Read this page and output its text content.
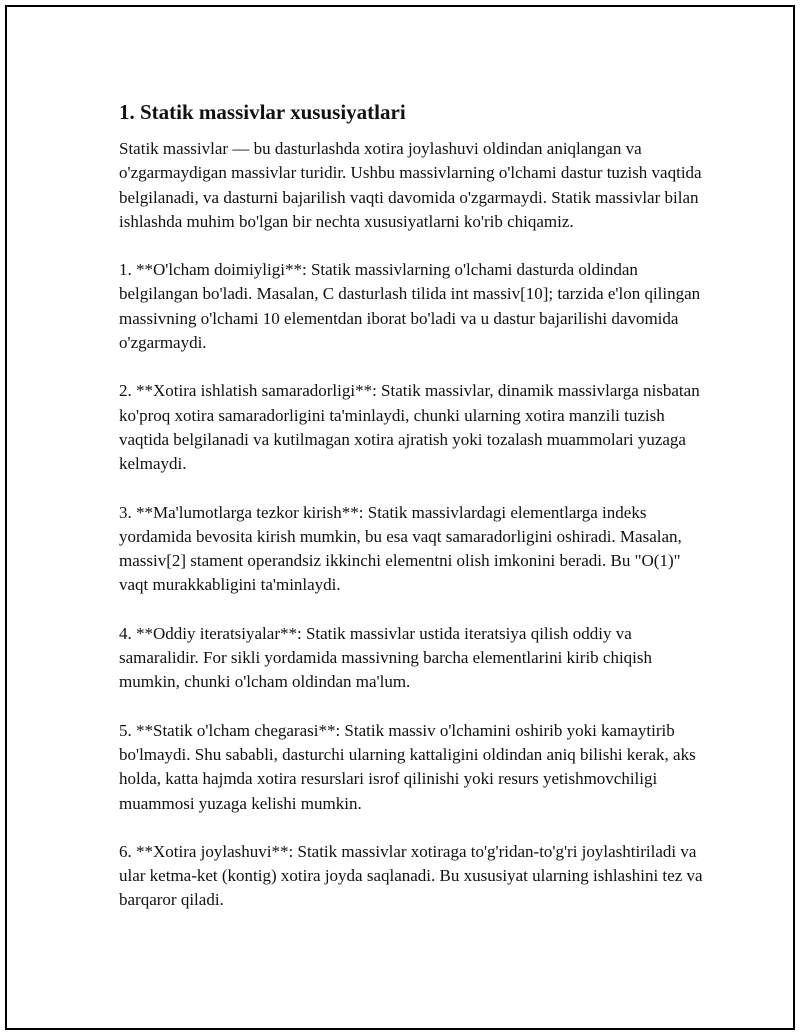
1. Statik massivlar xususiyatlari

Statik massivlar — bu dasturlashda xotira joylashuvi oldindan aniqlangan va o'zgarmaydigan massivlar turidir. Ushbu massivlarning o'lchami dastur tuzish vaqtida belgilanadi, va dasturni bajarilish vaqti davomida o'zgarmaydi. Statik massivlar bilan ishlashda muhim bo'lgan bir nechta xususiyatlarni ko'rib chiqamiz.

1. **O'lcham doimiyligi**: Statik massivlarning o'lchami dasturda oldindan belgilangan bo'ladi. Masalan, C dasturlash tilida int massiv[10]; tarzida e'lon qilingan massivning o'lchami 10 elementdan iborat bo'ladi va u dastur bajarilishi davomida o'zgarmaydi.

2. **Xotira ishlatish samaradorligi**: Statik massivlar, dinamik massivlarga nisbatan ko'proq xotira samaradorligini ta'minlaydi, chunki ularning xotira manzili tuzish vaqtida belgilanadi va kutilmagan xotira ajratish yoki tozalash muammolari yuzaga kelmaydi.

3. **Ma'lumotlarga tezkor kirish**: Statik massivlardagi elementlarga indeks yordamida bevosita kirish mumkin, bu esa vaqt samaradorligini oshiradi. Masalan, massiv[2] stament operandsiz ikkinchi elementni olish imkonini beradi. Bu "O(1)" vaqt murakkabligini ta'minlaydi.

4. **Oddiy iteratsiyalar**: Statik massivlar ustida iteratsiya qilish oddiy va samaralidir. For sikli yordamida massivning barcha elementlarini kirib chiqish mumkin, chunki o'lcham oldindan ma'lum.

5. **Statik o'lcham chegarasi**: Statik massiv o'lchamini oshirib yoki kamaytirib bo'lmaydi. Shu sababli, dasturchi ularning kattaligini oldindan aniq bilishi kerak, aks holda, katta hajmda xotira resurslari isrof qilinishi yoki resurs yetishmovchiligi muammosi yuzaga kelishi mumkin.

6. **Xotira joylashuvi**: Statik massivlar xotiraga to'g'ridan-to'g'ri joylashtiriladi va ular ketma-ket (kontig) xotira joyda saqlanadi. Bu xususiyat ularning ishlashini tez va barqaror qiladi.
